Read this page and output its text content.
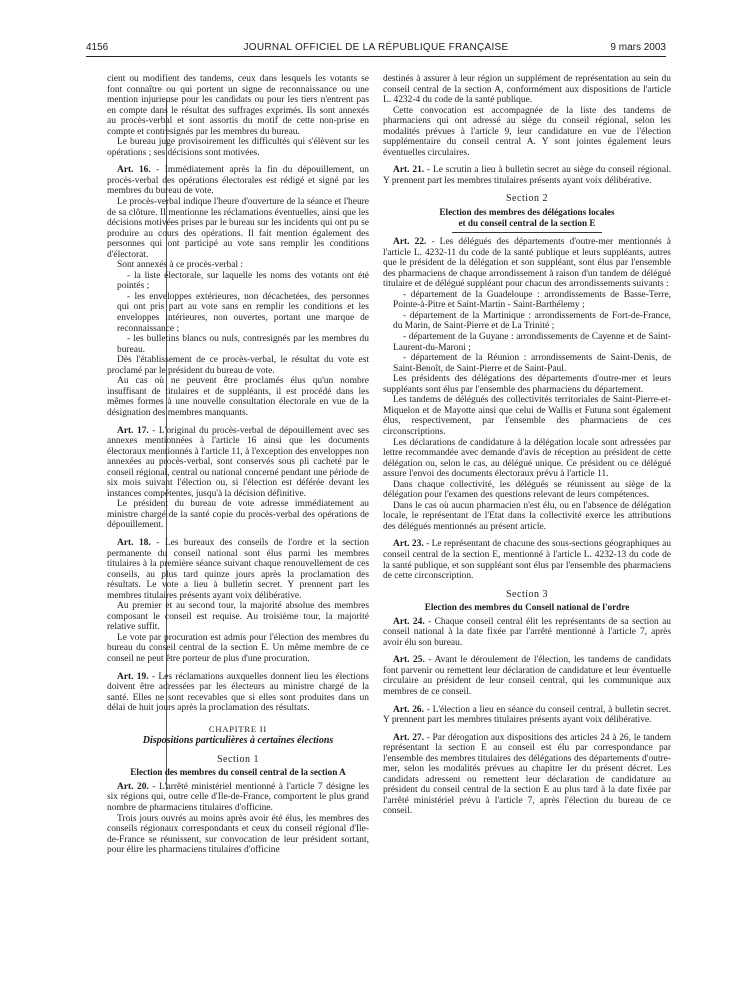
4156	JOURNAL OFFICIEL DE LA RÉPUBLIQUE FRANÇAISE	9 mars 2003

cient ou modifient des tandems, ceux dans lesquels les votants se font connaître ou qui portent un signe de reconnaissance ou une mention injurieuse pour les candidats ou pour les tiers n'entrent pas en compte dans le résultat des suffrages exprimés. Ils sont annexés au procès-verbal et sont assortis du motif de cette non-prise en compte et contresignés par les membres du bureau.

Le bureau juge provisoirement les difficultés qui s'élèvent sur les opérations ; ses décisions sont motivées.

Art. 16. - Immédiatement après la fin du dépouillement, un procès-verbal des opérations électorales est rédigé et signé par les membres du bureau de vote.

Le procès-verbal indique l'heure d'ouverture de la séance et l'heure de sa clôture. Il mentionne les réclamations éventuelles, ainsi que les décisions motivées prises par le bureau sur les incidents qui ont pu se produire au cours des opérations. Il fait mention également des personnes qui ont participé au vote sans remplir les conditions d'électorat.

Sont annexés à ce procès-verbal :

- la liste électorale, sur laquelle les noms des votants ont été pointés ;

- les enveloppes extérieures, non décachetées, des personnes qui ont pris part au vote sans en remplir les conditions et les enveloppes intérieures, non ouvertes, portant une marque de reconnaissance ;

- les bulletins blancs ou nuls, contresignés par les membres du bureau.

Dès l'établissement de ce procès-verbal, le résultat du vote est proclamé par le président du bureau de vote.

Au cas où ne peuvent être proclamés élus qu'un nombre insuffisant de titulaires et de suppléants, il est procédé dans les mêmes formes à une nouvelle consultation électorale en vue de la désignation des membres manquants.

Art. 17. - L'original du procès-verbal de dépouillement avec ses annexes mentionnées à l'article 16 ainsi que les documents électoraux mentionnés à l'article 11, à l'exception des enveloppes non annexées au procès-verbal, sont conservés sous pli cacheté par le conseil régional, central ou national concerné pendant une période de six mois suivant l'élection ou, si l'élection est déférée devant les instances compétentes, jusqu'à la décision définitive.

Le président du bureau de vote adresse immédiatement au ministre chargé de la santé copie du procès-verbal des opérations de dépouillement.

Art. 18. - Les bureaux des conseils de l'ordre et la section permanente du conseil national sont élus parmi les membres titulaires à la première séance suivant chaque renouvellement de ces conseils, au plus tard quinze jours après la proclamation des résultats. Le vote a lieu à bulletin secret. Y prennent part les membres titulaires présents ayant voix délibérative.

Au premier et au second tour, la majorité absolue des membres composant le conseil est requise. Au troisième tour, la majorité relative suffit.

Le vote par procuration est admis pour l'élection des membres du bureau du conseil central de la section E. Un même membre de ce conseil ne peut être porteur de plus d'une procuration.

Art. 19. - Les réclamations auxquelles donnent lieu les élections doivent être adressées par les électeurs au ministre chargé de la santé. Elles ne sont recevables que si elles sont produites dans un délai de huit jours après la proclamation des résultats.

CHAPITRE II
Dispositions particulières à certaines élections
Section 1
Election des membres du conseil central de la section A

Art. 20. - L'arrêté ministériel mentionné à l'article 7 désigne les six régions qui, outre celle d'Ile-de-France, comportent le plus grand nombre de pharmaciens titulaires d'officine.

Trois jours ouvrés au moins après avoir été élus, les membres des conseils régionaux correspondants et ceux du conseil régional d'Ile-de-France se réunissent, sur convocation de leur président sortant, pour élire les pharmaciens titulaires d'officine

destinés à assurer à leur région un supplément de représentation au sein du conseil central de la section A, conformément aux dispositions de l'article L. 4232-4 du code de la santé publique.

Cette convocation est accompagnée de la liste des tandems de pharmaciens qui ont adressé au siège du conseil régional, selon les modalités prévues à l'article 9, leur candidature en vue de l'élection supplémentaire du conseil central A. Y sont jointes également leurs éventuelles circulaires.

Art. 21. - Le scrutin a lieu à bulletin secret au siège du conseil régional. Y prennent part les membres titulaires présents ayant voix délibérative.

Section 2
Election des membres des délégations locales
et du conseil central de la section E

Art. 22. - Les délégués des départements d'outre-mer mentionnés à l'article L. 4232-11 du code de la santé publique et leurs suppléants, autres que le président de la délégation et son suppléant, sont élus par l'ensemble des pharmaciens de chaque arrondissement à raison d'un tandem de délégué titulaire et de délégué suppléant pour chacun des arrondissements suivants :

- département de la Guadeloupe : arrondissements de Basse-Terre, Pointe-à-Pitre et Saint-Martin - Saint-Barthélemy ;

- département de la Martinique : arrondissements de Fort-de-France, du Marin, de Saint-Pierre et de La Trinité ;

- département de la Guyane : arrondissements de Cayenne et de Saint-Laurent-du-Maroni ;

- département de la Réunion : arrondissements de Saint-Denis, de Saint-Benoît, de Saint-Pierre et de Saint-Paul.

Les présidents des délégations des départements d'outre-mer et leurs suppléants sont élus par l'ensemble des pharmaciens du département.

Les tandems de délégués des collectivités territoriales de Saint-Pierre-et-Miquelon et de Mayotte ainsi que celui de Wallis et Futuna sont également élus, respectivement, par l'ensemble des pharmaciens de ces circonscriptions.

Les déclarations de candidature à la délégation locale sont adressées par lettre recommandée avec demande d'avis de réception au président de cette délégation ou, selon le cas, au délégué unique. Ce président ou ce délégué assure l'envoi des documents électoraux prévu à l'article 11.

Dans chaque collectivité, les délégués se réunissent au siège de la délégation pour l'examen des questions relevant de leurs compétences.

Dans le cas où aucun pharmacien n'est élu, ou en l'absence de délégation locale, le représentant de l'Etat dans la collectivité exerce les attributions des délégués mentionnés au présent article.

Art. 23. - Le représentant de chacune des sous-sections géographiques au conseil central de la section E, mentionné à l'article L. 4232-13 du code de la santé publique, et son suppléant sont élus par l'ensemble des pharmaciens de cette circonscription.

Section 3
Election des membres du Conseil national de l'ordre

Art. 24. - Chaque conseil central élit les représentants de sa section au conseil national à la date fixée par l'arrêté mentionné à l'article 7, après avoir élu son bureau.

Art. 25. - Avant le déroulement de l'élection, les tandems de candidats font parvenir ou remettent leur déclaration de candidature et leur éventuelle circulaire au président de leur conseil central, qui les communique aux membres de ce conseil.

Art. 26. - L'élection a lieu en séance du conseil central, à bulletin secret. Y prennent part les membres titulaires présents ayant voix délibérative.

Art. 27. - Par dérogation aux dispositions des articles 24 à 26, le tandem représentant la section E au conseil est élu par correspondance par l'ensemble des membres titulaires des délégations des départements d'outre-mer, selon les modalités prévues au chapitre Ier du présent décret. Les candidats adressent ou remettent leur déclaration de candidature au président du conseil central de la section E au plus tard à la date fixée par l'arrêté ministériel prévu à l'article 7, après l'élection du bureau de ce conseil.
